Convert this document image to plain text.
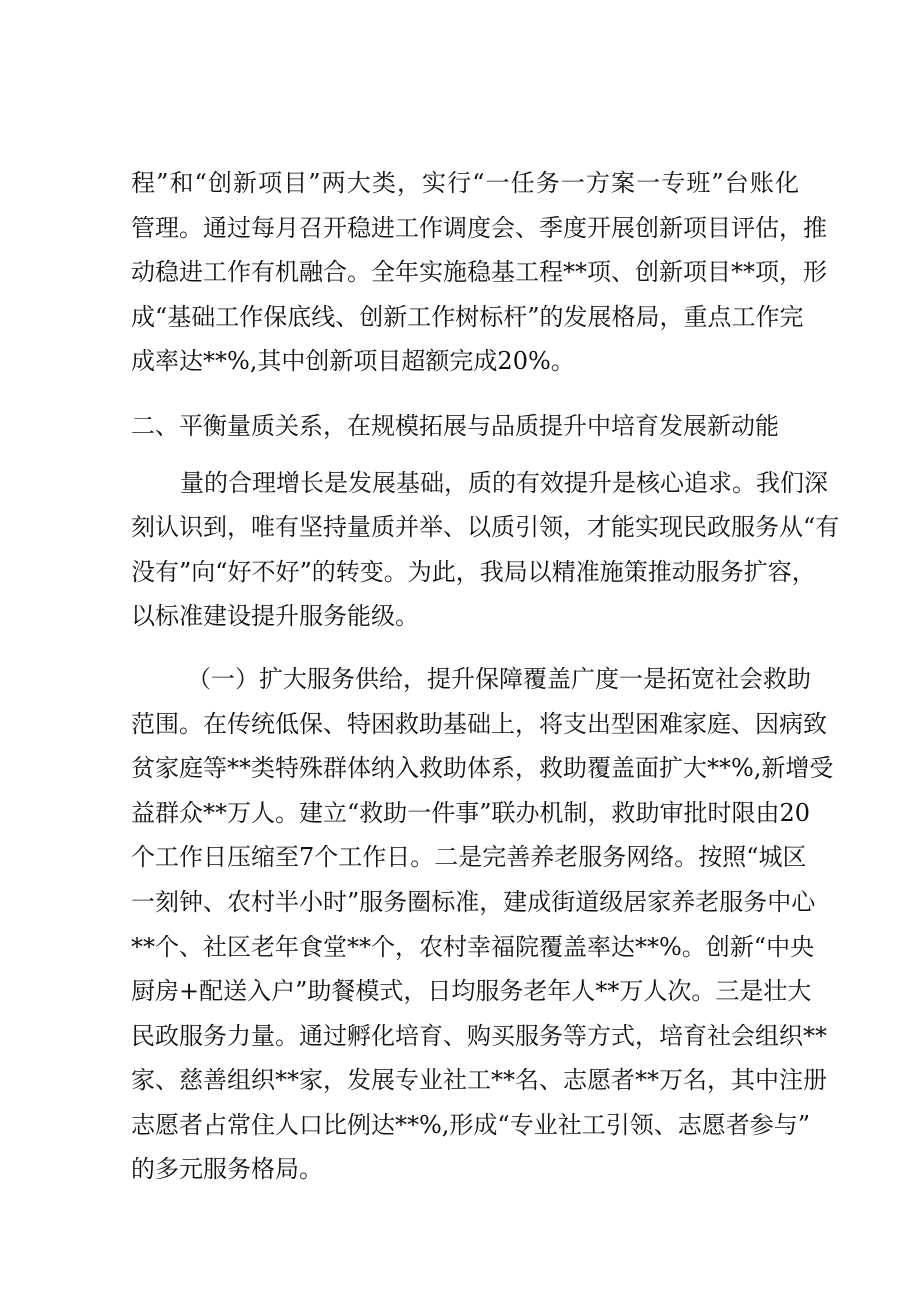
程”和“创新项目”两大类，实行“一任务一方案一专班”台账化
管理。通过每月召开稳进工作调度会、季度开展创新项目评估，推
动稳进工作有机融合。全年实施稳基工程**项、创新项目**项，形
成“基础工作保底线、创新工作树标杆”的发展格局，重点工作完
成率达**%,其中创新项目超额完成20%。
二、平衡量质关系，在规模拓展与品质提升中培育发展新动能
量的合理增长是发展基础，质的有效提升是核心追求。我们深
刻认识到，唯有坚持量质并举、以质引领，才能实现民政服务从“有
没有”向“好不好”的转变。为此，我局以精准施策推动服务扩容，
以标准建设提升服务能级。
（一）扩大服务供给，提升保障覆盖广度一是拓宽社会救助
范围。在传统低保、特困救助基础上，将支出型困难家庭、因病致
贫家庭等**类特殊群体纳入救助体系，救助覆盖面扩大**%,新增受
益群众**万人。建立“救助一件事”联办机制，救助审批时限由20
个工作日压缩至7个工作日。二是完善养老服务网络。按照“城区
一刻钟、农村半小时”服务圈标准，建成街道级居家养老服务中心
**个、社区老年食堂**个，农村幸福院覆盖率达**%。创新“中央
厨房+配送入户”助餐模式，日均服务老年人**万人次。三是壮大
民政服务力量。通过孵化培育、购买服务等方式，培育社会组织**
家、慈善组织**家，发展专业社工**名、志愿者**万名，其中注册
志愿者占常住人口比例达**%,形成“专业社工引领、志愿者参与”
的多元服务格局。
